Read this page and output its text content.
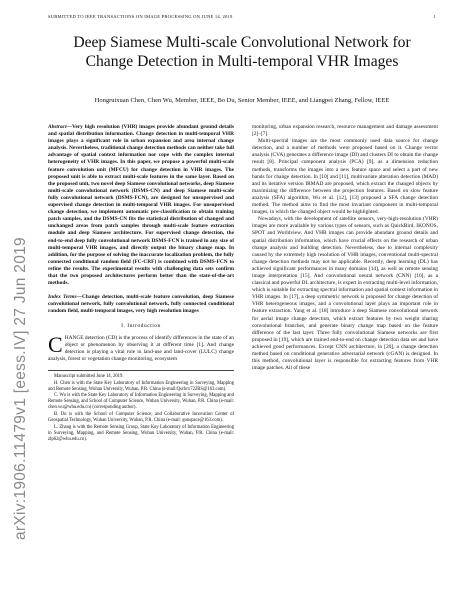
SUBMITTED TO IEEE TRANSACTIONS ON IMAGE PROCESSING ON JUNE 14, 2019	1
arXiv:1906.11479v1 [eess.IV] 27 Jun 2019
Deep Siamese Multi-scale Convolutional Network for Change Detection in Multi-temporal VHR Images
Hongruixuan Chen, Chen Wu, Member, IEEE, Bo Du, Senior Member, IEEE, and Liangpei Zhang, Fellow, IEEE

Abstract—Very high resolution (VHR) images provide abundant ground details and spatial distribution information. Change detection in multi-temporal VHR images plays a significant role in urban expansion and area internal change analysis. Nevertheless, traditional change detection methods can neither take full advantage of spatial context information nor cope with the complex internal heterogeneity of VHR images. In this paper, we propose a powerful multi-scale feature convolution unit (MFCU) for change detection in VHR images. The proposed unit is able to extract multi-scale features in the same layer. Based on the proposed unit, two novel deep Siamese convolutional networks, deep Siamese multi-scale convolutional network (DSMS-CN) and deep Siamese multi-scale fully convolutional network (DSMS-FCN), are designed for unsupervised and supervised change detection in multi-temporal VHR images. For unsupervised change detection, we implement automatic pre-classification to obtain training patch samples, and the DSMS-CN fits the statistical distribution of changed and unchanged areas from patch samples through multi-scale feature extraction module and deep Siamese architecture. For supervised change detection, the end-to-end deep fully convolutional network DSMS-FCN is trained in any size of multi-temporal VHR images, and directly output the binary change map. In addition, for the purpose of solving the inaccurate localization problem, the fully connected conditional random field (FC-CRF) is combined with DSMS-FCN to refine the results. The experimental results with challenging data sets confirm that the two proposed architectures perform better than the state-of-the-art methods.

Index Terms—Change detection, multi-scale feature convolution, deep Siamese convolutional network, fully convolutional network, fully connected conditional random field, multi-temporal images, very high resolution images

I. Introduction

CHANGE detection (CD) is the process of identify differences in the state of an object or phenomenon by observing it at different time [1]. And change detection is playing a vital role in land-use and land-cover (LULC) change analysis, forest or vegetation change monitoring, ecosystem

Manuscript submitted June 14, 2019.

H. Chen is with the State Key Laboratory of Information Engineering in Surveying, Mapping and Remote Sensing, Wuhan University, Wuhan, P.R. China (e-mail:Qschrx722RS@163.com).

C. Wu is with the State Key Laboratory of Information Engineering in Surveying, Mapping and Remote Sensing, and School of Computer Science, Wuhan University, Wuhan, P.R. China (e-mail: chen.wu@whu.edu.cn) (corresponding author).

B. Du is with the School of Computer Science, and Collaborative Innovation Center of Geospatial Technology, Wuhan University, Wuhan, P.R. China (e-mail: gunspace@163.com).

L. Zhang is with the Remote Sensing Group, State Key Laboratory of Information Engineering in Surveying, Mapping, and Remote Sensing, Wuhan University, Wuhan, P.R. China (e-mail: zlp62@whu.edu.cn).

monitoring, urban expansion research, resource management and damage assessment [2]–[7].

Multi-spectral images are the most commonly used data source for change detection, and a number of methods were proposed based on it. Change vector analysis (CVA) generates a difference image (DI) and clusters DI to obtain the change result [8]. Principal component analysis (PCA) [9], as a dimension reduction methods, transforms the images into a new feature space and select a part of new bands for change detection. In [10] and [11], multivariate alteration detection (MAD) and its iterative version IRMAD are proposed, which extract the changed objects by maximizing the difference between the projection features. Based on slow feature analysis (SFA) algorithm, Wu et al. [12], [13] proposed a SFA change detection method. The method aims to find the most invariant component in multi-temporal images, in which the changed object would be highlighted.

Nowadays, with the development of satellite sensors, very-high-resolution (VHR) images are more available by various types of sensors, such as QuickBird, IKONOS, SPOT and Worldview. And VHR images can provide abundant ground details and spatial distribution information, which have crucial effects on the research of urban change analysis and building detection. Nevertheless, due to internal complexity caused by the extremely high resolution of VHR images, conventional multi-spectral change detection methods may not be applicable. Recently, deep learning (DL) has achieved significant performances in many domains [14], as well as remote sensing image interpretation [15]. And convolutional neural network (CNN) [16], as a classical and powerful DL architecture, is expert in extracting multi-level information, which is suitable for extracting spectral information and spatial context information in VHR images. In [17], a deep symmetric network is proposed for change detection of VHR heterogeneous images, and a convolutional layer plays an important role in feature extraction. Yang et al. [18] introduce a deep Siamese convolutional network for aerial image change detection, which extract features by two weight sharing convolutional branches, and generate binary change map based on the feature difference of the last layer. Three fully convolutional Siamese networks are first proposed in [19], which are trained end-to-end on change detection data set and have achieved good performances. Except CNN architecture, in [20], a change detection method based on conditional generative adversarial network (cGAN) is designed. In this method, convolutional layer is responsible for extracting features from VHR image patches. All of these
